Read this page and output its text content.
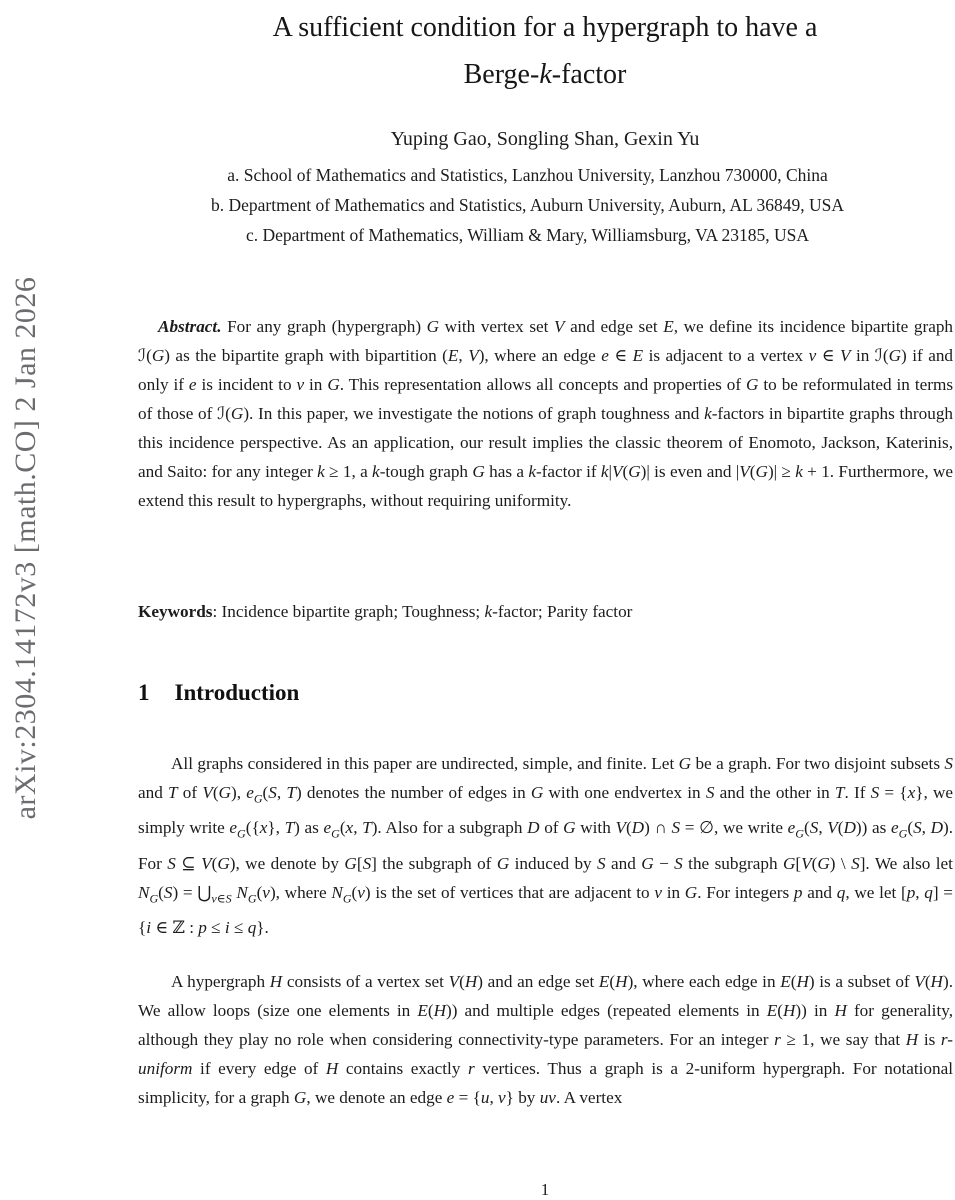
arXiv:2304.14172v3 [math.CO] 2 Jan 2026
A sufficient condition for a hypergraph to have a
Berge-k-factor
Yuping Gao, Songling Shan, Gexin Yu
a. School of Mathematics and Statistics, Lanzhou University, Lanzhou 730000, China
b. Department of Mathematics and Statistics, Auburn University, Auburn, AL 36849, USA
c. Department of Mathematics, William & Mary, Williamsburg, VA 23185, USA

Abstract. For any graph (hypergraph) G with vertex set V and edge set E, we define its incidence bipartite graph ℐ(G) as the bipartite graph with bipartition (E, V), where an edge e ∈ E is adjacent to a vertex v ∈ V in ℐ(G) if and only if e is incident to v in G. This representation allows all concepts and properties of G to be reformulated in terms of those of ℐ(G). In this paper, we investigate the notions of graph toughness and k-factors in bipartite graphs through this incidence perspective. As an application, our result implies the classic theorem of Enomoto, Jackson, Katerinis, and Saito: for any integer k ≥ 1, a k-tough graph G has a k-factor if k|V(G)| is even and |V(G)| ≥ k + 1. Furthermore, we extend this result to hypergraphs, without requiring uniformity.

Keywords: Incidence bipartite graph; Toughness; k-factor; Parity factor

1 Introduction

All graphs considered in this paper are undirected, simple, and finite. Let G be a graph. For two disjoint subsets S and T of V(G), $e_G(S$, T) denotes the number of edges in G with one endvertex in S and the other in T. If S = {x}, we simply write $e_G(\{x\}$, T) as $e_G(x$, T). Also for a subgraph D of G with V(D) ∩ S = ∅, we write $e_G(S$, V(D)) as $e_G(S$, D). For S ⊆ V(G), we denote by G[S] the subgraph of G induced by S and G − S the subgraph G[V(G) \ S]. We also let $N_G(S)$ = $⋃_{v\in S}$ $N_G(v)$, where $N_G(v)$ is the set of vertices that are adjacent to v in G. For integers p and q, we let [p, q] = {i ∈ ℤ : p ≤ i ≤ q}.

A hypergraph H consists of a vertex set V(H) and an edge set E(H), where each edge in E(H) is a subset of V(H). We allow loops (size one elements in E(H)) and multiple edges (repeated elements in E(H)) in H for generality, although they play no role when considering connectivity-type parameters. For an integer r ≥ 1, we say that H is r-uniform if every edge of H contains exactly r vertices. Thus a graph is a 2-uniform hypergraph. For notational simplicity, for a graph G, we denote an edge e = {u, v} by uv. A vertex

1
